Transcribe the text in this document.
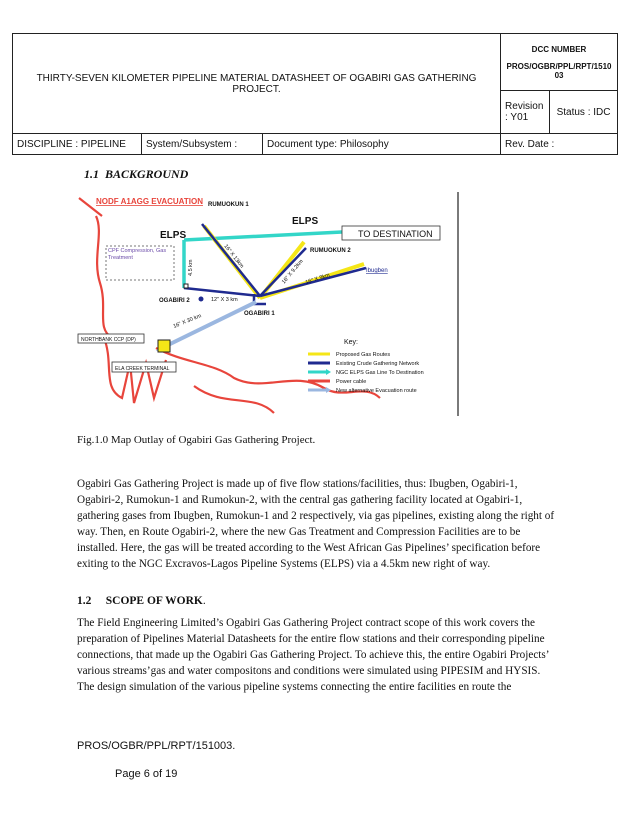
THIRTY-SEVEN KILOMETER PIPELINE MATERIAL DATASHEET OF OGABIRI GAS GATHERING PROJECT.			DCC NUMBER
PROS/OGBR/PPL/RPT/151003	

			Revision : Y01	Status : IDC
DISCIPLINE : PIPELINE	System/Subsystem :	Document type: Philosophy	Rev. Date :	
1.1 BACKGROUND
NODF A1AGG EVACUATION RUMUOKUN 1
ELPS
ELPS
TO DESTINATION
RUMUOKUN 2
Ibugben
OGABIRI 2
OGABIRI 1
CPF Compression, Gas Treatment
NORTHBANK CCP (DP)
ELA CREEK TERMINAL
4.5 km	16" X 13km
16" X 9.2km 16" X 9km
12" X 3 km
16" X 30 km
Key:
Proposed Gas Routes
Existing Crude Gathering Network
NGC ELPS Gas Line To Destination
Power cable
New alternative Evacuation route
Fig.1.0 Map Outlay of Ogabiri Gas Gathering Project.

Ogabiri Gas Gathering Project is made up of five flow stations/facilities, thus: Ibugben, Ogabiri-1, Ogabiri-2, Rumokun-1 and Rumokun-2, with the central gas gathering facility located at Ogabiri-1, gathering gases from Ibugben, Rumokun-1 and 2 respectively, via gas pipelines, existing along the right of way. Then, en Route Ogabiri-2, where the new Gas Treatment and Compression Facilities are to be installed. Here, the gas will be treated according to the West African Gas Pipelines’ specification before exiting to the NGC Excravos-Lagos Pipeline Systems (ELPS) via a 4.5km new right of way.

1.2 SCOPE OF WORK.

The Field Engineering Limited’s Ogabiri Gas Gathering Project contract scope of this work covers the preparation of Pipelines Material Datasheets for the entire flow stations and their corresponding pipeline connections, that made up the Ogabiri Gas Gathering Project. To achieve this, the entire Ogabiri Projects’ various streams’gas and water compositons and conditions were simulated using PIPESIM and HYSIS. The design simulation of the various pipeline systems connecting the entire facilities en route the

PROS/OGBR/PPL/RPT/151003.
Page 6 of 19
